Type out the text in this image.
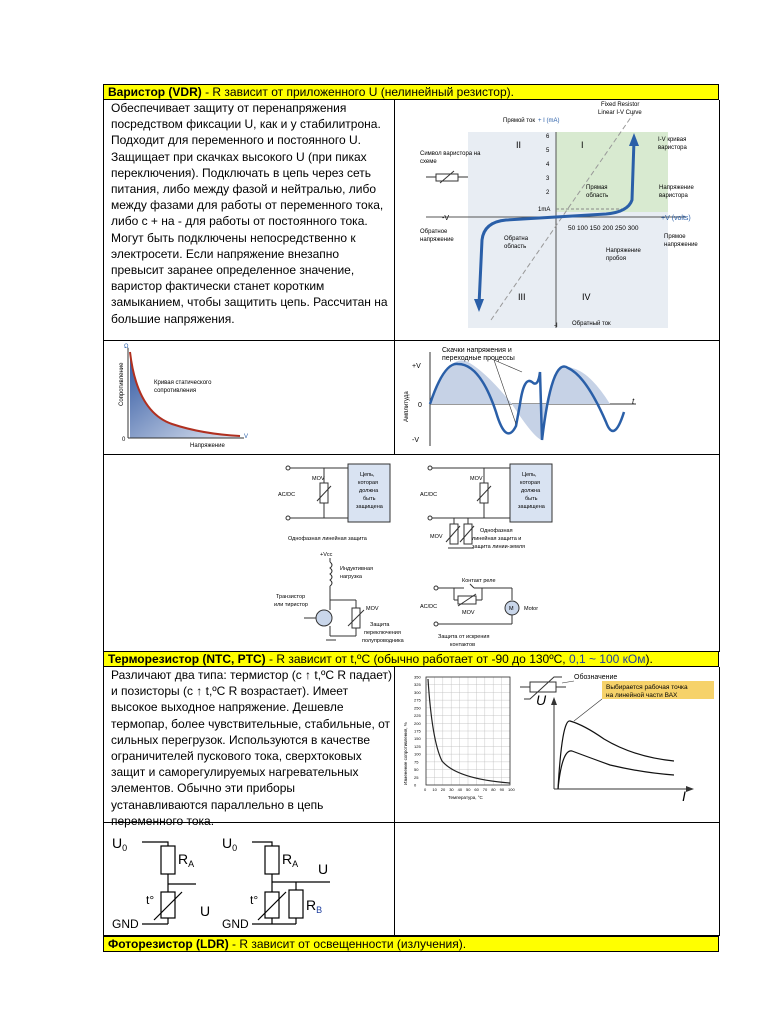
Варистор (VDR) - R зависит от приложенного U (нелинейный резистор).
Обеспечивает защиту от перенапряжения посредством фиксации U, как и у стабилитрона. Подходит для переменного и постоянного U. Защищает при скачках высокого U (при пиках переключения). Подключать в цепь через сеть питания, либо между фазой и нейтралью, либо между фазами для работы от переменного тока, либо с + на - для работы от постоянного тока. Могут быть подключены непосредственно к электросети. Если напряжение внезапно превысит заранее определенное значение, варистор фактически станет коротким замыканием, чтобы защитить цепь. Рассчитан на большие напряжения.
Fixed Resistor
Linear I-V Curve
Прямой ток + I (mA)
II	I
III	IV
Символ варистора на
схеме
I-V кривая
варистора
Прямая
область
Напряжение
варистора
-V	+V (volts)
Обратное
напряжение	Обратна
область
50 100 150 200 250 300
1mA
Прямое
напряжение
Напряжение
пробоя
Обратный ток
-I
6
5
4
3
2
Ω
Сопротивление	Кривая статического
сопротивления
Напряжение
V
0
Скачки напряжения и
переходные процессы
+V
0
-V
t
Амплитуда
MOV
AC/DC
Цепь,
которая
должна
быть
защищена
Однофазная линейная защита
MOV
MOV
AC/DC
Цепь,
которая
должна
быть
защищена
Однофазная
линейная защита и
защита линии-земля
+Vcc
Индуктивная
нагрузка
Транзистор
или тиристор
MOV
Защита
переключения
полупроводника
Контакт реле
AC/DC
MOV
M Motor
Защита от искрения
контактов
Терморезистор (NTC, PTC) - R зависит от t,ºC (обычно работает от -90 до 130ºC, 0,1 ~ 100 кОм).
Различают два типа: термистор (с ↑ t,ºC R падает) и позисторы (с ↑ t,ºC R возрастает). Имеет высокое выходное напряжение. Дешевле термопар, более чувствительные, стабильные, от сильных перегрузок. Используются в качестве ограничителей пускового тока, сверхтоковых защит и саморегулируемых нагревательных элементов. Обычно эти приборы устанавливаются параллельно в цепь переменного тока.
350
325
300
275
250
225
200
175
150
125
100
75
50
25
0
0 10 20 30 40 50 60 70 80 90 100
Изменение сопротивления, %
Температура, °С
Обозначение
Выбирается рабочая точка
на линейной части ВАХ
U
I
$U_0$
$R_A$
U
t°
GND
$U_0$
$R_A$ U
t°	$R_B$
GND
Фоторезистор (LDR) - R зависит от освещенности (излучения).
